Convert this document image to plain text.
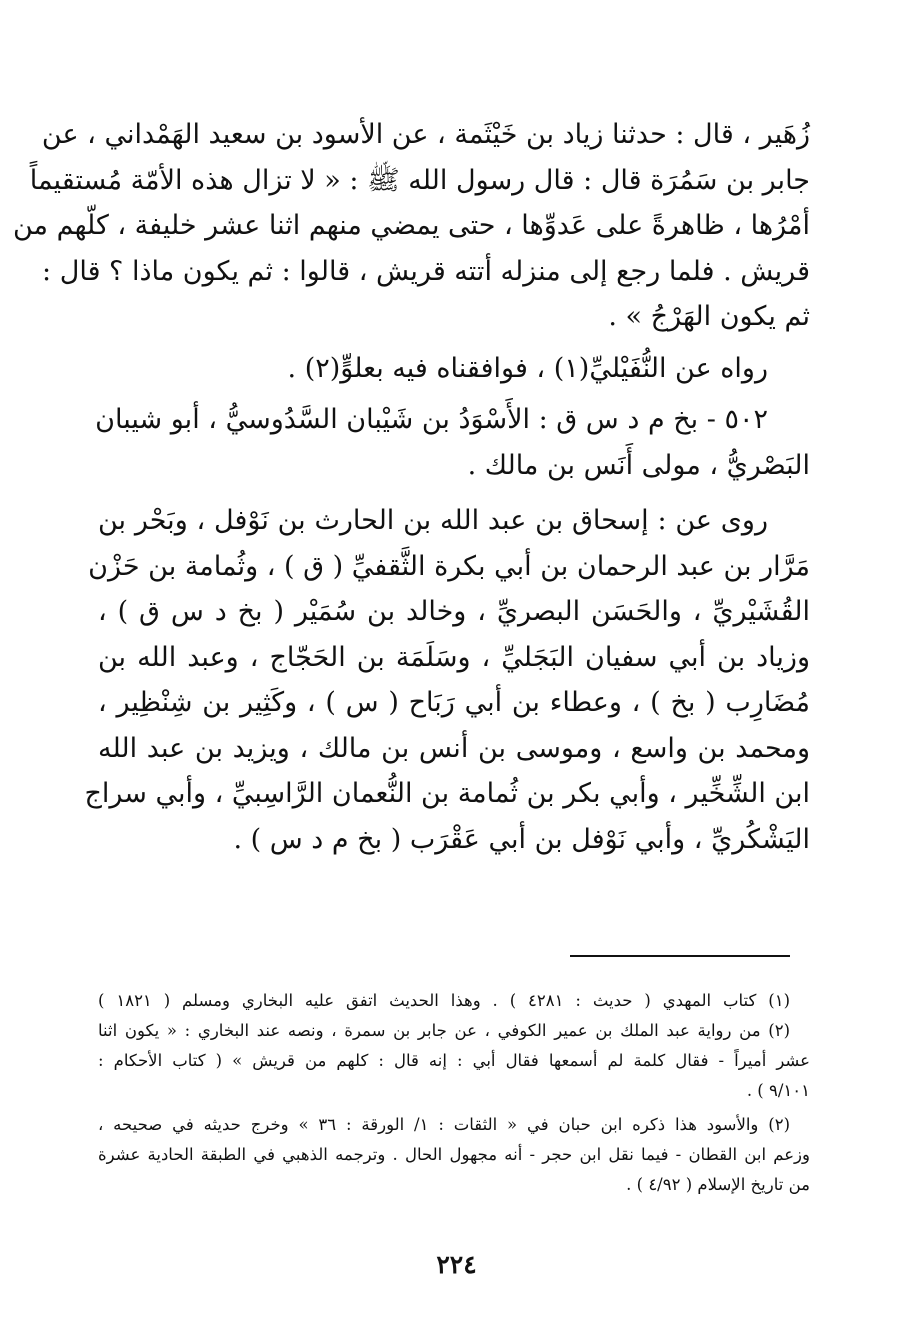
زُهَير ، قال : حدثنا زياد بن خَيْثَمة ، عن الأسود بن سعيد الهَمْداني ، عن
جابر بن سَمُرَة قال : قال رسول الله ﷺ : « لا تزال هذه الأمّة مُستقيماً
أمْرُها ، ظاهرةً على عَدوِّها ، حتى يمضي منهم اثنا عشر خليفة ، كلّهم من
قريش . فلما رجع إلى منزله أتته قريش ، قالوا : ثم يكون ماذا ؟ قال :
ثم يكون الهَرْجُ » .
رواه عن النُّفَيْليِّ(١) ، فوافقناه فيه بعلوٍّ(٢) .
٥٠٢ - بخ م د س ق : الأَسْوَدُ بن شَيْبان السَّدُوسيُّ ، أبو شيبان
البَصْريُّ ، مولى أَنَس بن مالك .
روى عن : إسحاق بن عبد الله بن الحارث بن نَوْفل ، وبَحْر بن
مَرَّار بن عبد الرحمان بن أبي بكرة الثَّقفيِّ ( ق ) ، وثُمامة بن حَزْن
القُشَيْريِّ ، والحَسَن البصريِّ ، وخالد بن سُمَيْر ( بخ د س ق ) ،
وزياد بن أبي سفيان البَجَليِّ ، وسَلَمَة بن الحَجّاج ، وعبد الله بن
مُضَارِب ( بخ ) ، وعطاء بن أبي رَبَاح ( س ) ، وكَثِير بن شِنْظِير ،
ومحمد بن واسع ، وموسى بن أنس بن مالك ، ويزيد بن عبد الله
ابن الشِّخِّير ، وأبي بكر بن ثُمامة بن النُّعمان الرَّاسِبيِّ ، وأبي سراج
اليَشْكُريِّ ، وأبي نَوْفل بن أبي عَقْرَب ( بخ م د س ) .
(١) كتاب المهدي ( حديث : ٤٢٨١ ) . وهذا الحديث اتفق عليه البخاري ومسلم ( ١٨٢١ )
(٢) من رواية عبد الملك بن عمير الكوفي ، عن جابر بن سمرة ، ونصه عند البخاري : « يكون اثنا
عشر أميراً - فقال كلمة لم أسمعها فقال أبي : إنه قال : كلهم من قريش » ( كتاب الأحكام :
٩/١٠١ ) .
(٢) والأسود هذا ذكره ابن حبان في « الثقات : ١/ الورقة : ٣٦ » وخرج حديثه في صحيحه ،
وزعم ابن القطان - فيما نقل ابن حجر - أنه مجهول الحال . وترجمه الذهبي في الطبقة الحادية عشرة
من تاريخ الإسلام ( ٤/٩٢ ) .
٢٢٤
